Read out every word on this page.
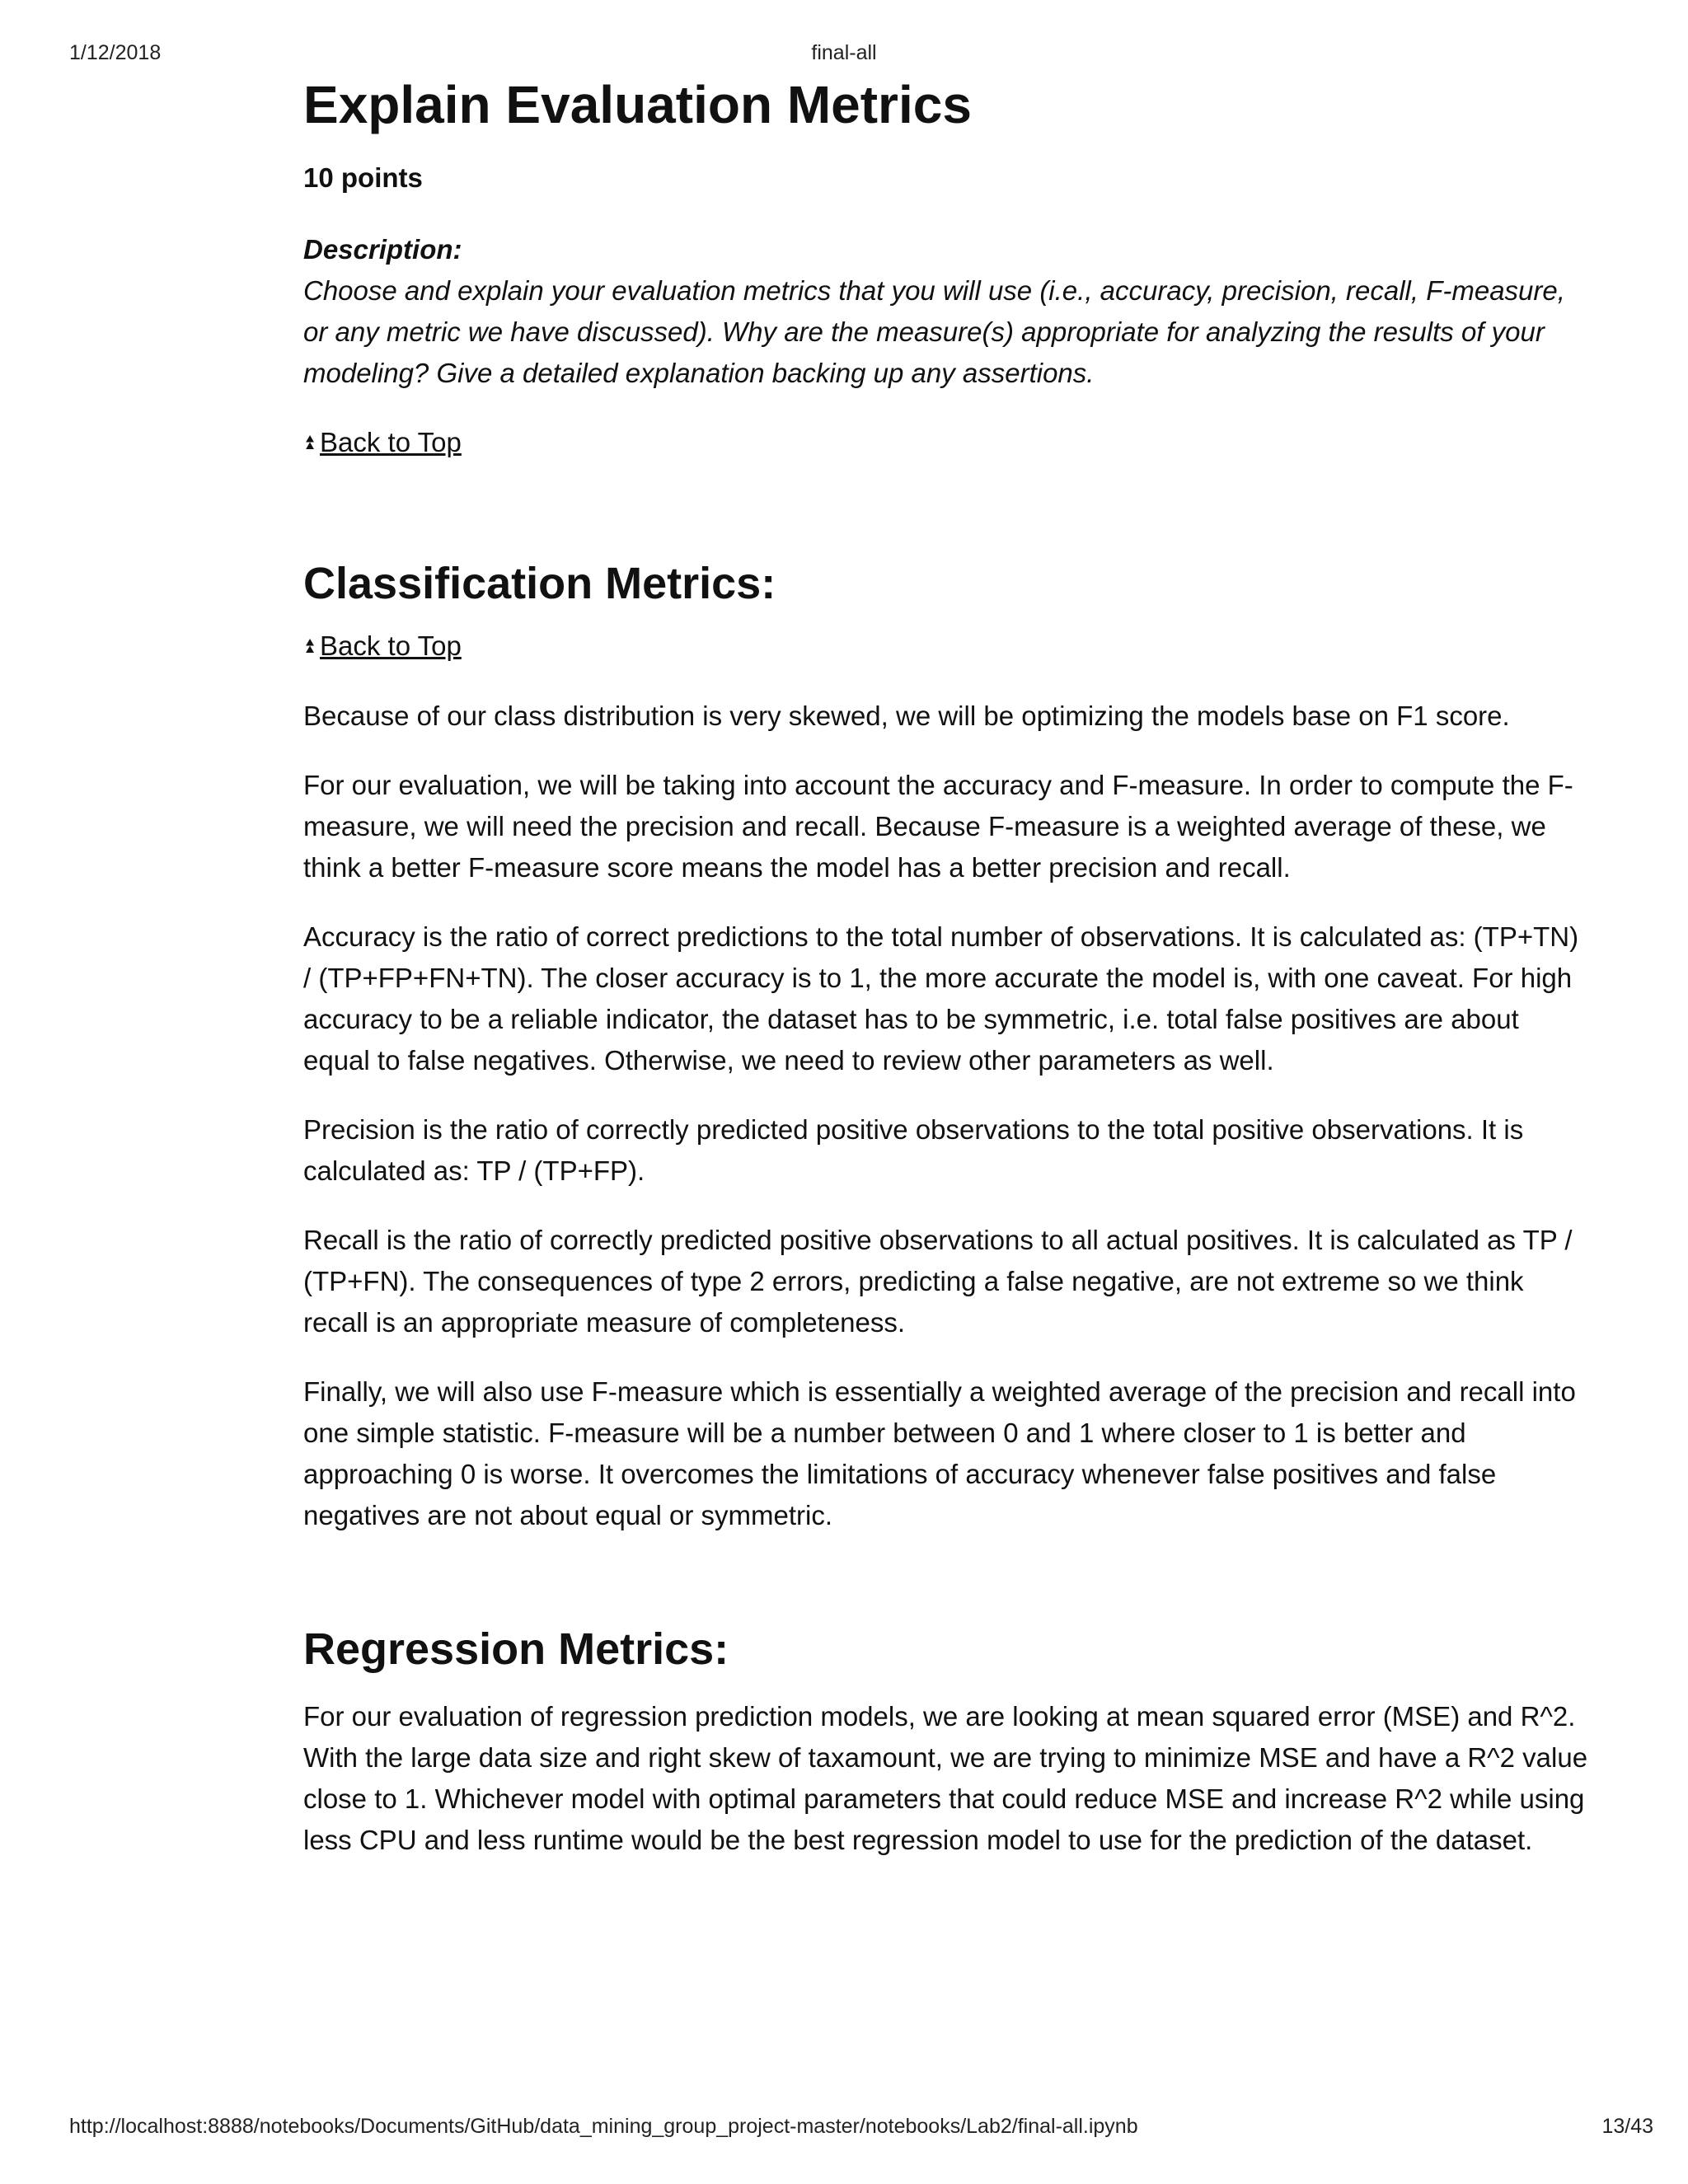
1/12/2018	final-all
Explain Evaluation Metrics
10 points
Description:

Choose and explain your evaluation metrics that you will use (i.e., accuracy, precision, recall, F-measure, or any metric we have discussed). Why are the measure(s) appropriate for analyzing the results of your modeling? Give a detailed explanation backing up any assertions.

⏫︎ Back to Top
Classification Metrics:
⏫︎ Back to Top

Because of our class distribution is very skewed, we will be optimizing the models base on F1 score.

For our evaluation, we will be taking into account the accuracy and F-measure. In order to compute the F-measure, we will need the precision and recall. Because F-measure is a weighted average of these, we think a better F-measure score means the model has a better precision and recall.

Accuracy is the ratio of correct predictions to the total number of observations. It is calculated as: (TP+TN) / (TP+FP+FN+TN). The closer accuracy is to 1, the more accurate the model is, with one caveat. For high accuracy to be a reliable indicator, the dataset has to be symmetric, i.e. total false positives are about equal to false negatives. Otherwise, we need to review other parameters as well.

Precision is the ratio of correctly predicted positive observations to the total positive observations. It is calculated as: TP / (TP+FP).

Recall is the ratio of correctly predicted positive observations to all actual positives. It is calculated as TP / (TP+FN). The consequences of type 2 errors, predicting a false negative, are not extreme so we think recall is an appropriate measure of completeness.

Finally, we will also use F-measure which is essentially a weighted average of the precision and recall into one simple statistic. F-measure will be a number between 0 and 1 where closer to 1 is better and approaching 0 is worse. It overcomes the limitations of accuracy whenever false positives and false negatives are not about equal or symmetric.

Regression Metrics:

For our evaluation of regression prediction models, we are looking at mean squared error (MSE) and R^2. With the large data size and right skew of taxamount, we are trying to minimize MSE and have a R^2 value close to 1. Whichever model with optimal parameters that could reduce MSE and increase R^2 while using less CPU and less runtime would be the best regression model to use for the prediction of the dataset.

http://localhost:8888/notebooks/Documents/GitHub/data_mining_group_project-master/notebooks/Lab2/final-all.ipynb	13/43
